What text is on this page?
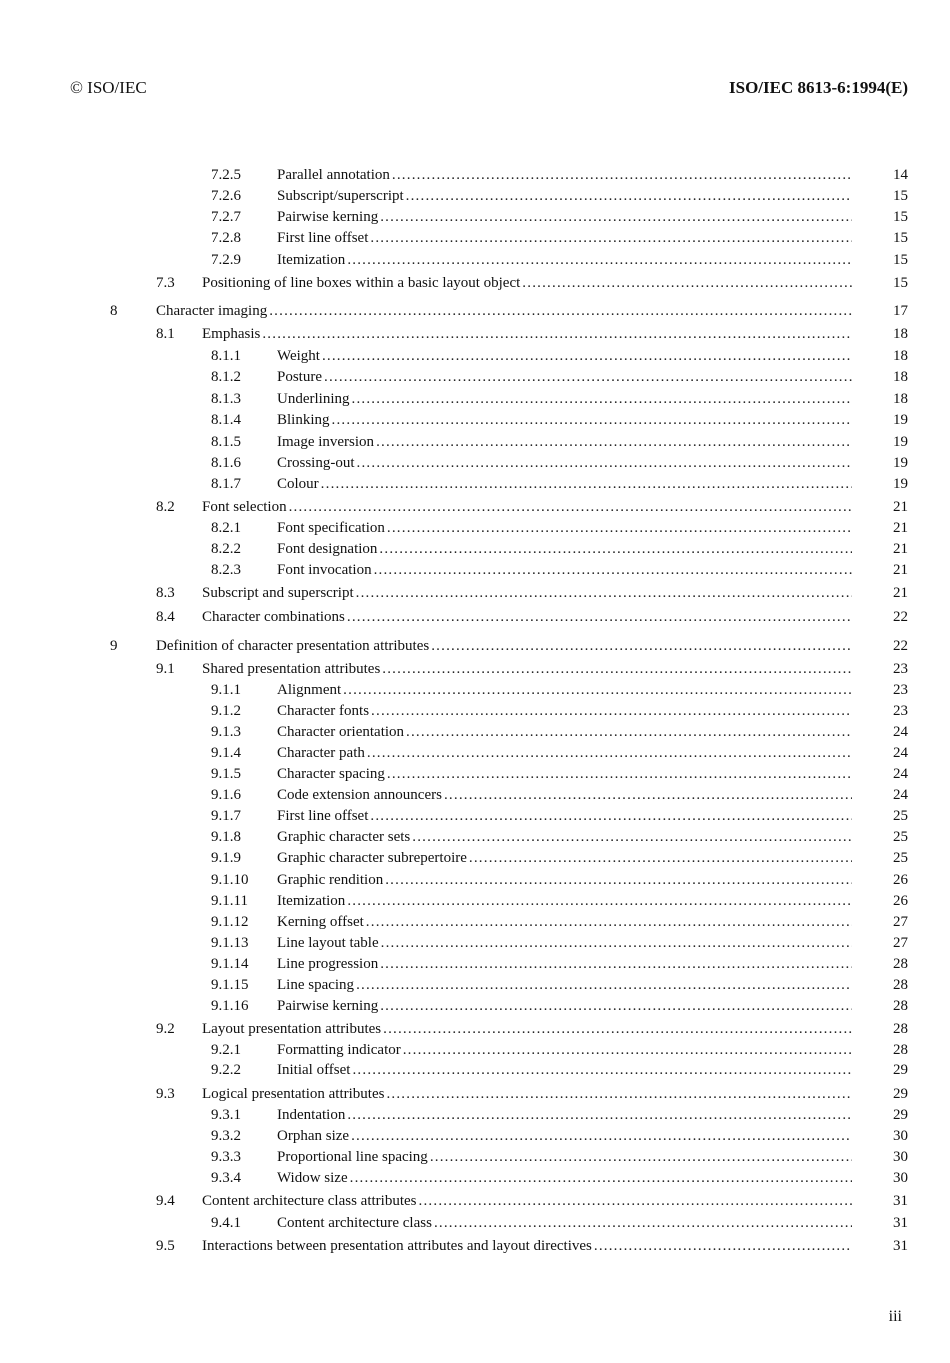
© ISO/IEC	ISO/IEC 8613-6:1994(E)
7.2.5 Parallel annotation .....	14
7.2.6 Subscript/superscript .....	15
7.2.7 Pairwise kerning .....	15
7.2.8 First line offset .....	15
7.2.9 Itemization .....	15
7.3 Positioning of line boxes within a basic layout object .....	15
8	Character imaging .....	17
8.1 Emphasis .....	18
8.1.1 Weight .....	18
8.1.2 Posture .....	18
8.1.3 Underlining .....	18
8.1.4 Blinking .....	19
8.1.5 Image inversion .....	19
8.1.6 Crossing-out .....	19
8.1.7 Colour .....	19
8.2 Font selection .....	21
8.2.1 Font specification .....	21
8.2.2 Font designation .....	21
8.2.3 Font invocation .....	21
8.3 Subscript and superscript .....	21
8.4 Character combinations .....	22
9	Definition of character presentation attributes .....	22
9.1 Shared presentation attributes .....	23
9.1.1 Alignment .....	23
9.1.2 Character fonts .....	23
9.1.3 Character orientation .....	24
9.1.4 Character path .....	24
9.1.5 Character spacing .....	24
9.1.6 Code extension announcers .....	24
9.1.7 First line offset .....	25
9.1.8 Graphic character sets .....	25
9.1.9 Graphic character subrepertoire .....	25
9.1.10 Graphic rendition .....	26
9.1.11 Itemization .....	26
9.1.12 Kerning offset .....	27
9.1.13 Line layout table .....	27
9.1.14 Line progression .....	28
9.1.15 Line spacing .....	28
9.1.16 Pairwise kerning .....	28
9.2 Layout presentation attributes .....	28
9.2.1 Formatting indicator .....	28
9.2.2 Initial offset .....	29
9.3 Logical presentation attributes .....	29
9.3.1 Indentation .....	29
9.3.2 Orphan size .....	30
9.3.3 Proportional line spacing .....	30
9.3.4 Widow size .....	30
9.4 Content architecture class attributes .....	31
9.4.1 Content architecture class .....	31
9.5 Interactions between presentation attributes and layout directives .....	31
iii
